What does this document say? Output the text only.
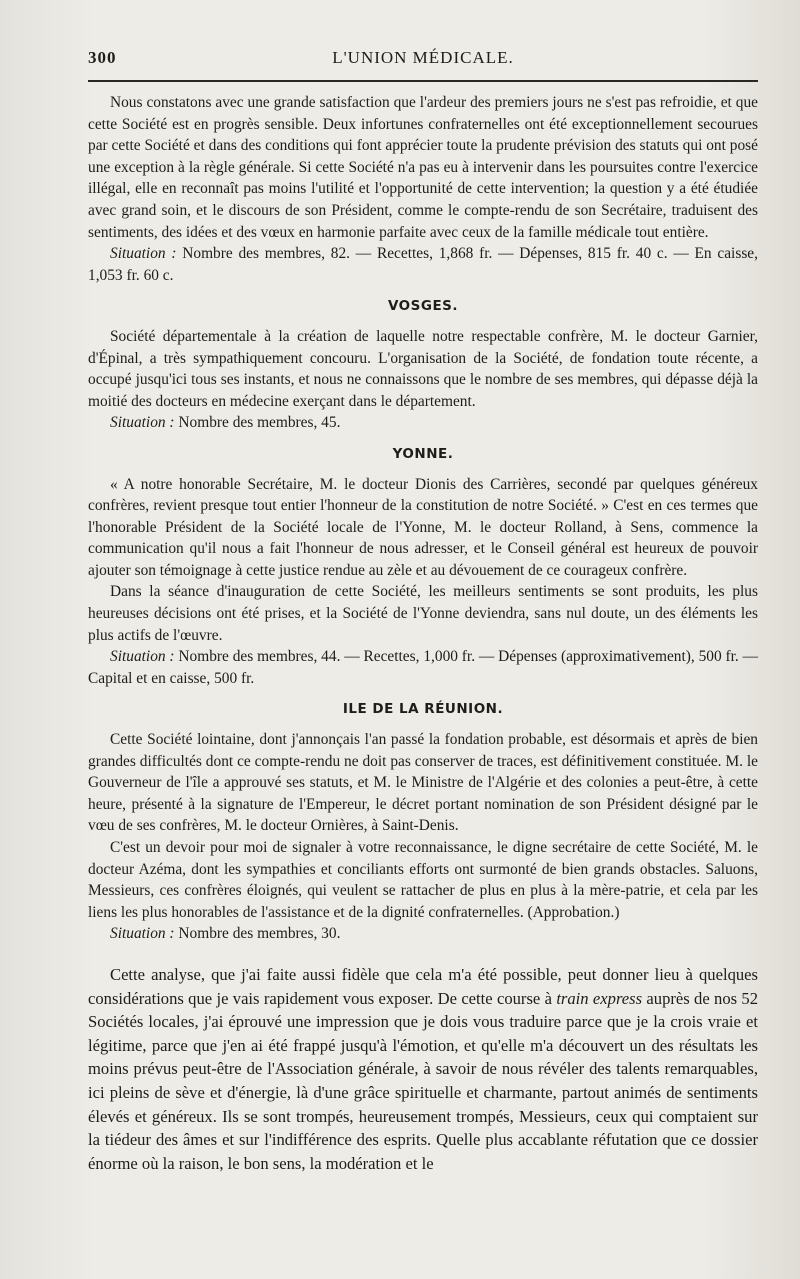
300	L'UNION MÉDICALE.

Nous constatons avec une grande satisfaction que l'ardeur des premiers jours ne s'est pas refroidie, et que cette Société est en progrès sensible. Deux infortunes confraternelles ont été exceptionnellement secourues par cette Société et dans des conditions qui font apprécier toute la prudente prévision des statuts qui ont posé une exception à la règle générale. Si cette Société n'a pas eu à intervenir dans les poursuites contre l'exercice illégal, elle en reconnaît pas moins l'utilité et l'opportunité de cette intervention; la question y a été étudiée avec grand soin, et le discours de son Président, comme le compte-rendu de son Secrétaire, traduisent des sentiments, des idées et des vœux en harmonie parfaite avec ceux de la famille médicale tout entière.

Situation : Nombre des membres, 82. — Recettes, 1,868 fr. — Dépenses, 815 fr. 40 c. — En caisse, 1,053 fr. 60 c.

VOSGES.

Société départementale à la création de laquelle notre respectable confrère, M. le docteur Garnier, d'Épinal, a très sympathiquement concouru. L'organisation de la Société, de fondation toute récente, a occupé jusqu'ici tous ses instants, et nous ne connaissons que le nombre de ses membres, qui dépasse déjà la moitié des docteurs en médecine exerçant dans le département.

Situation : Nombre des membres, 45.

YONNE.

« A notre honorable Secrétaire, M. le docteur Dionis des Carrières, secondé par quelques généreux confrères, revient presque tout entier l'honneur de la constitution de notre Société. » C'est en ces termes que l'honorable Président de la Société locale de l'Yonne, M. le docteur Rolland, à Sens, commence la communication qu'il nous a fait l'honneur de nous adresser, et le Conseil général est heureux de pouvoir ajouter son témoignage à cette justice rendue au zèle et au dévouement de ce courageux confrère.

Dans la séance d'inauguration de cette Société, les meilleurs sentiments se sont produits, les plus heureuses décisions ont été prises, et la Société de l'Yonne deviendra, sans nul doute, un des éléments les plus actifs de l'œuvre.

Situation : Nombre des membres, 44. — Recettes, 1,000 fr. — Dépenses (approximativement), 500 fr. — Capital et en caisse, 500 fr.

ILE DE LA RÉUNION.

Cette Société lointaine, dont j'annonçais l'an passé la fondation probable, est désormais et après de bien grandes difficultés dont ce compte-rendu ne doit pas conserver de traces, est définitivement constituée. M. le Gouverneur de l'île a approuvé ses statuts, et M. le Ministre de l'Algérie et des colonies a peut-être, à cette heure, présenté à la signature de l'Empereur, le décret portant nomination de son Président désigné par le vœu de ses confrères, M. le docteur Ornières, à Saint-Denis.

C'est un devoir pour moi de signaler à votre reconnaissance, le digne secrétaire de cette Société, M. le docteur Azéma, dont les sympathies et conciliants efforts ont surmonté de bien grands obstacles. Saluons, Messieurs, ces confrères éloignés, qui veulent se rattacher de plus en plus à la mère-patrie, et cela par les liens les plus honorables de l'assistance et de la dignité confraternelles. (Approbation.)

Situation : Nombre des membres, 30.

Cette analyse, que j'ai faite aussi fidèle que cela m'a été possible, peut donner lieu à quelques considérations que je vais rapidement vous exposer. De cette course à train express auprès de nos 52 Sociétés locales, j'ai éprouvé une impression que je dois vous traduire parce que je la crois vraie et légitime, parce que j'en ai été frappé jusqu'à l'émotion, et qu'elle m'a découvert un des résultats les moins prévus peut-être de l'Association générale, à savoir de nous révéler des talents remarquables, ici pleins de sève et d'énergie, là d'une grâce spirituelle et charmante, partout animés de sentiments élevés et généreux. Ils se sont trompés, heureusement trompés, Messieurs, ceux qui comptaient sur la tiédeur des âmes et sur l'indifférence des esprits. Quelle plus accablante réfutation que ce dossier énorme où la raison, le bon sens, la modération et le
